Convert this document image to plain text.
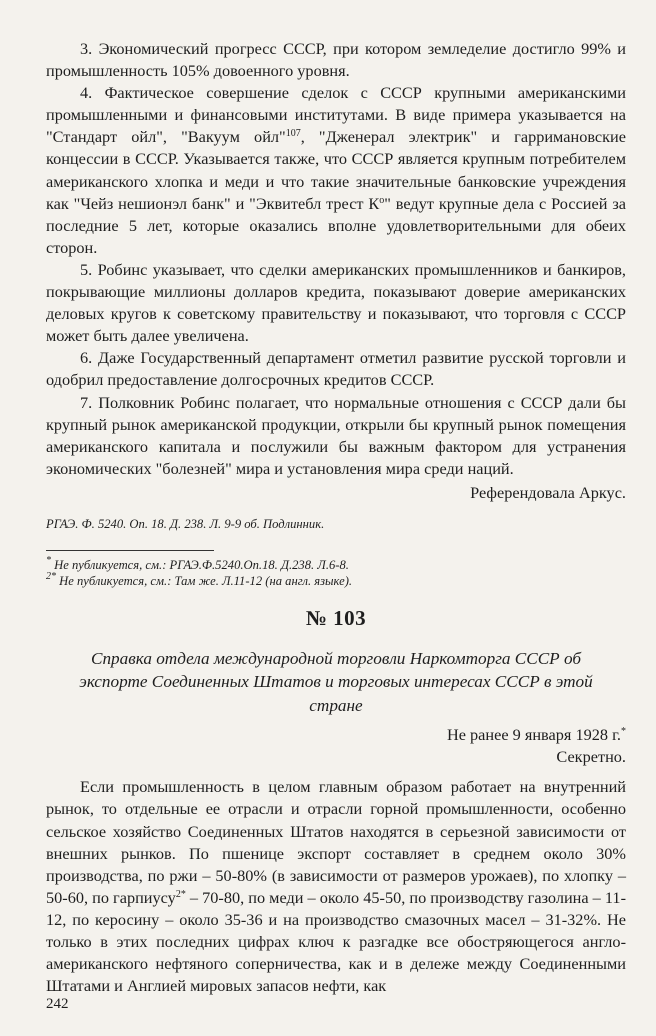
3. Экономический прогресс СССР, при котором земледелие достигло 99% и промышленность 105% довоенного уровня.

4. Фактическое совершение сделок с СССР крупными американскими промышленными и финансовыми институтами. В виде примера указывается на "Стандарт ойл", "Вакуум ойл"$^{107}$, "Дженерал электрик" и гарримановские концессии в СССР. Указывается также, что СССР является крупным потребителем американского хлопка и меди и что такие значительные банковские учреждения как "Чейз нешионэл банк" и "Эквитебл трест $К^о$" ведут крупные дела с Россией за последние 5 лет, которые оказались вполне удовлетворительными для обеих сторон.

5. Робинс указывает, что сделки американских промышленников и банкиров, покрывающие миллионы долларов кредита, показывают доверие американских деловых кругов к советскому правительству и показывают, что торговля с СССР может быть далее увеличена.

6. Даже Государственный департамент отметил развитие русской торговли и одобрил предоставление долгосрочных кредитов СССР.

7. Полковник Робинс полагает, что нормальные отношения с СССР дали бы крупный рынок американской продукции, открыли бы крупный рынок помещения американского капитала и послужили бы важным фактором для устранения экономических "болезней" мира и установления мира среди наций.

Референдовала Аркус.

РГАЭ. Ф. 5240. Оп. 18. Д. 238. Л. 9-9 об. Подлинник.

* Не публикуется, см.: РГАЭ.Ф.5240.Оп.18. Д.238. Л.6-8.

$^{2*}$ Не публикуется, см.: Там же. Л.11-12 (на англ. языке).

№ 103

Справка отдела международной торговли Наркомторга СССР об экспорте Соединенных Штатов и торговых интересах СССР в этой стране

Не ранее 9 января 1928 г.*

Секретно.

Если промышленность в целом главным образом работает на внутренний рынок, то отдельные ее отрасли и отрасли горной промышленности, особенно сельское хозяйство Соединенных Штатов находятся в серьезной зависимости от внешних рынков. По пшенице экспорт составляет в среднем около 30% производства, по ржи – 50-80% (в зависимости от размеров урожаев), по хлопку – 50-60, по гарпиусу$^{2*}$ – 70-80, по меди – около 45-50, по производству газолина – 11-12, по керосину – около 35-36 и на производство смазочных масел – 31-32%. Не только в этих последних цифрах ключ к разгадке все обостряющегося англо-американского нефтяного соперничества, как и в дележе между Соединенными Штатами и Англией мировых запасов нефти, как

242
